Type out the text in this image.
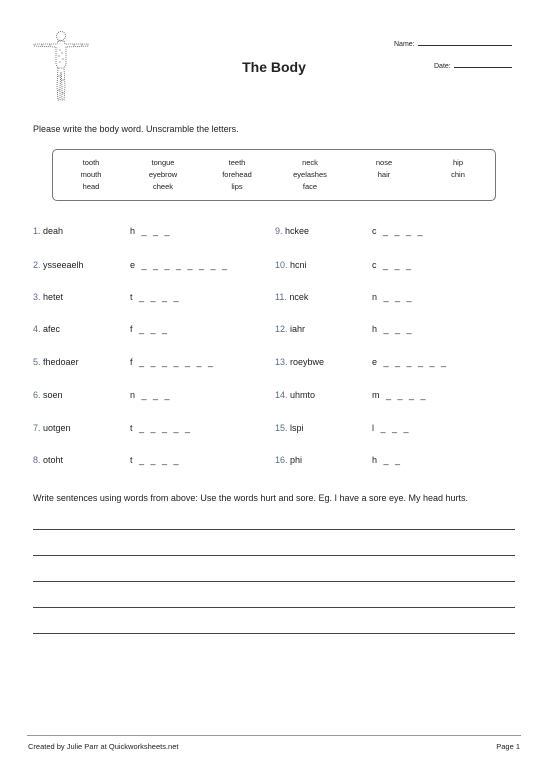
Name:
Date:
The Body
Please write the body word. Unscramble the letters.
tooth	tongue	teeth	neck	nose	hip
mouth	eyebrow	forehead	eyelashes	hair	chin
head	cheek	lips	face
1. deah	h  _  _  _
2. ysseeaelh	e  _  _  _  _  _  _  _  _
3. hetet	t  _  _  _  _
4. afec	f  _  _  _
5. fhedoaer	f  _  _  _  _  _  _  _
6. soen	n  _  _  _
7. uotgen	t  _  _  _  _  _
8. otoht	t  _  _  _  _
9. hckee	c  _  _  _  _
10. hcni	c  _  _  _
11. ncek	n  _  _  _
12. iahr	h  _  _  _
13. roeybwe	e  _  _  _  _  _  _
14. uhmto	m  _  _  _  _
15. lspi	l  _  _  _
16. phi	h  _  _
Write sentences using words from above: Use the words hurt and sore. Eg. I have a sore eye. My head hurts.
Created by Julie Parr at Quickworksheets.net	Page 1
